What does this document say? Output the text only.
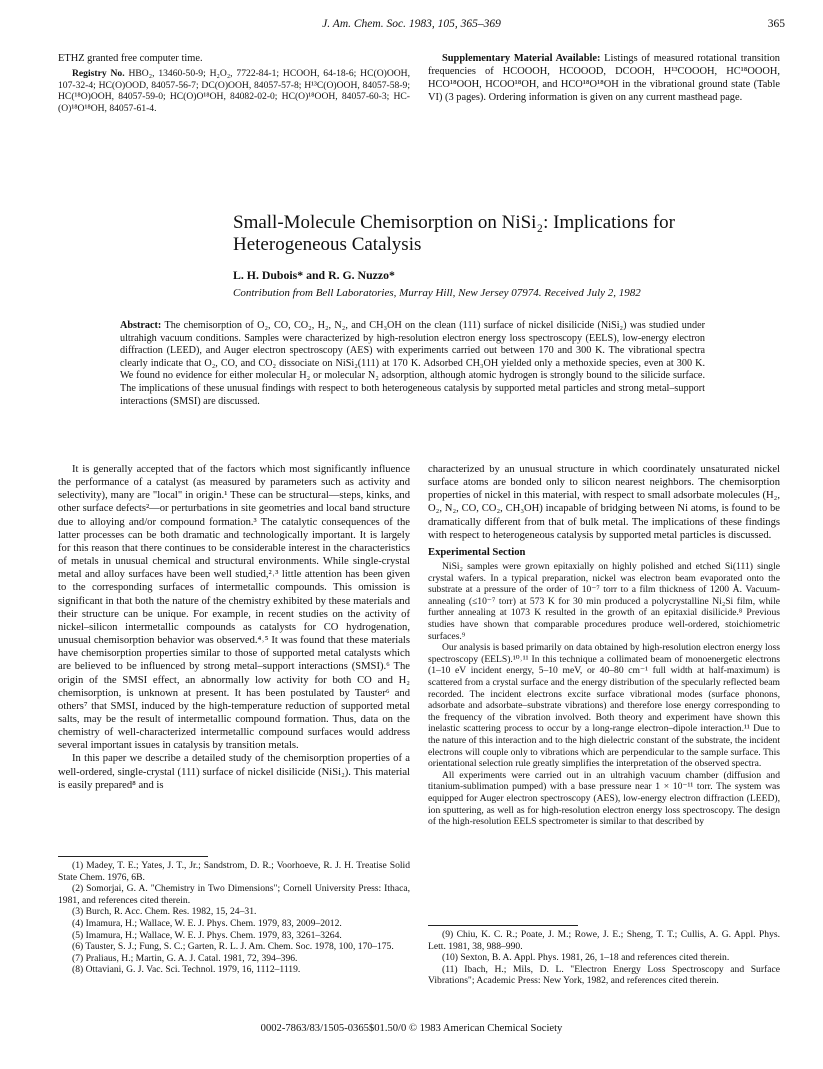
J. Am. Chem. Soc. 1983, 105, 365–369	365

ETHZ granted free computer time.

Registry No. HBO₂, 13460-50-9; H₂O₂, 7722-84-1; HCOOH, 64-18-6; HC(O)OOH, 107-32-4; HC(O)OOD, 84057-56-7; DC(O)OOH, 84057-57-8; H¹³C(O)OOH, 84057-58-9; HC(¹⁸O)OOH, 84057-59-0; HC(O)O¹⁸OH, 84082-02-0; HC(O)¹⁸OOH, 84057-60-3; HC-(O)¹⁸O¹⁸OH, 84057-61-4.

Supplementary Material Available: Listings of measured rotational transition frequencies of HCOOOH, HCOOOD, DCOOH, H¹³COOOH, HC¹⁸OOOH, HCO¹⁸OOH, HCOO¹⁸OH, and HCO¹⁸O¹⁸OH in the vibrational ground state (Table VI) (3 pages). Ordering information is given on any current masthead page.

Small-Molecule Chemisorption on NiSi₂: Implications for
Heterogeneous Catalysis
L. H. Dubois* and R. G. Nuzzo*
Contribution from Bell Laboratories, Murray Hill, New Jersey 07974. Received July 2, 1982
Abstract: The chemisorption of O₂, CO, CO₂, H₂, N₂, and CH₃OH on the clean (111) surface of nickel disilicide (NiSi₂) was studied under ultrahigh vacuum conditions. Samples were characterized by high-resolution electron energy loss spectroscopy (EELS), low-energy electron diffraction (LEED), and Auger electron spectroscopy (AES) with experiments carried out between 170 and 300 K. The vibrational spectra clearly indicate that O₂, CO, and CO₂ dissociate on NiSi₂(111) at 170 K. Adsorbed CH₃OH yielded only a methoxide species, even at 300 K. We found no evidence for either molecular H₂ or molecular N₂ adsorption, although atomic hydrogen is strongly bound to the silicide surface. The implications of these unusual findings with respect to both heterogeneous catalysis by supported metal particles and strong metal–support interactions (SMSI) are discussed.

It is generally accepted that of the factors which most significantly influence the performance of a catalyst (as measured by parameters such as activity and selectivity), many are "local" in origin.¹ These can be structural—steps, kinks, and other surface defects²—or perturbations in site geometries and local band structure due to alloying and/or compound formation.³ The catalytic consequences of the latter processes can be both dramatic and technologically important. It is largely for this reason that there continues to be considerable interest in the characteristics of metals in unusual chemical and structural environments. While single-crystal metal and alloy surfaces have been well studied,²˒³ little attention has been given to the corresponding surfaces of intermetallic compounds. This omission is significant in that both the nature of the chemistry exhibited by these materials and their structure can be unique. For example, in recent studies on the activity of nickel–silicon intermetallic compounds as catalysts for CO hydrogenation, unusual chemisorption behavior was observed.⁴˒⁵ It was found that these materials have chemisorption properties similar to those of supported metal catalysts which are believed to be influenced by strong metal–support interactions (SMSI).⁶ The origin of the SMSI effect, an abnormally low activity for both CO and H₂ chemisorption, is unknown at present. It has been postulated by Tauster⁶ and others⁷ that SMSI, induced by the high-temperature reduction of supported metal salts, may be the result of intermetallic compound formation. Thus, data on the chemistry of well-characterized intermetallic compound surfaces would address several important issues in catalysis by transition metals.

In this paper we describe a detailed study of the chemisorption properties of a well-ordered, single-crystal (111) surface of nickel disilicide (NiSi₂). This material is easily prepared⁸ and is

(1) Madey, T. E.; Yates, J. T., Jr.; Sandstrom, D. R.; Voorhoeve, R. J. H. Treatise Solid State Chem. 1976, 6B.

(2) Somorjai, G. A. "Chemistry in Two Dimensions"; Cornell University Press: Ithaca, 1981, and references cited therein.

(3) Burch, R. Acc. Chem. Res. 1982, 15, 24–31.

(4) Imamura, H.; Wallace, W. E. J. Phys. Chem. 1979, 83, 2009–2012.

(5) Imamura, H.; Wallace, W. E. J. Phys. Chem. 1979, 83, 3261–3264.

(6) Tauster, S. J.; Fung, S. C.; Garten, R. L. J. Am. Chem. Soc. 1978, 100, 170–175.

(7) Praliaus, H.; Martin, G. A. J. Catal. 1981, 72, 394–396.

(8) Ottaviani, G. J. Vac. Sci. Technol. 1979, 16, 1112–1119.

characterized by an unusual structure in which coordinately unsaturated nickel surface atoms are bonded only to silicon nearest neighbors. The chemisorption properties of nickel in this material, with respect to small adsorbate molecules (H₂, O₂, N₂, CO, CO₂, CH₃OH) incapable of bridging between Ni atoms, is found to be dramatically different from that of bulk metal. The implications of these findings with respect to heterogeneous catalysis by supported metal particles is discussed.

Experimental Section

NiSi₂ samples were grown epitaxially on highly polished and etched Si(111) single crystal wafers. In a typical preparation, nickel was electron beam evaporated onto the substrate at a pressure of the order of 10⁻⁷ torr to a film thickness of 1200 Å. Vacuum-annealing (≤10⁻⁷ torr) at 573 K for 30 min produced a polycrystalline Ni₂Si film, while further annealing at 1073 K resulted in the growth of an epitaxial disilicide.⁸ Previous studies have shown that comparable procedures produce well-ordered, stoichiometric surfaces.⁹

Our analysis is based primarily on data obtained by high-resolution electron energy loss spectroscopy (EELS).¹⁰˒¹¹ In this technique a collimated beam of monoenergetic electrons (1–10 eV incident energy, 5–10 meV, or 40–80 cm⁻¹ full width at half-maximum) is scattered from a crystal surface and the energy distribution of the specularly reflected beam recorded. The incident electrons excite surface vibrational modes (surface phonons, adsorbate and adsorbate–substrate vibrations) and therefore lose energy corresponding to the frequency of the vibration involved. Both theory and experiment have shown this inelastic scattering process to occur by a long-range electron–dipole interaction.¹¹ Due to the nature of this interaction and to the high dielectric constant of the substrate, the incident electrons will couple only to vibrations which are perpendicular to the sample surface. This orientational selection rule greatly simplifies the interpretation of the observed spectra.

All experiments were carried out in an ultrahigh vacuum chamber (diffusion and titanium-sublimation pumped) with a base pressure near 1 × 10⁻¹¹ torr. The system was equipped for Auger electron spectroscopy (AES), low-energy electron diffraction (LEED), ion sputtering, as well as for high-resolution electron energy loss spectroscopy. The design of the high-resolution EELS spectrometer is similar to that described by

(9) Chiu, K. C. R.; Poate, J. M.; Rowe, J. E.; Sheng, T. T.; Cullis, A. G. Appl. Phys. Lett. 1981, 38, 988–990.

(10) Sexton, B. A. Appl. Phys. 1981, 26, 1–18 and references cited therein.

(11) Ibach, H.; Mils, D. L. "Electron Energy Loss Spectroscopy and Surface Vibrations"; Academic Press: New York, 1982, and references cited therein.

0002-7863/83/1505-0365$01.50/0 © 1983 American Chemical Society
